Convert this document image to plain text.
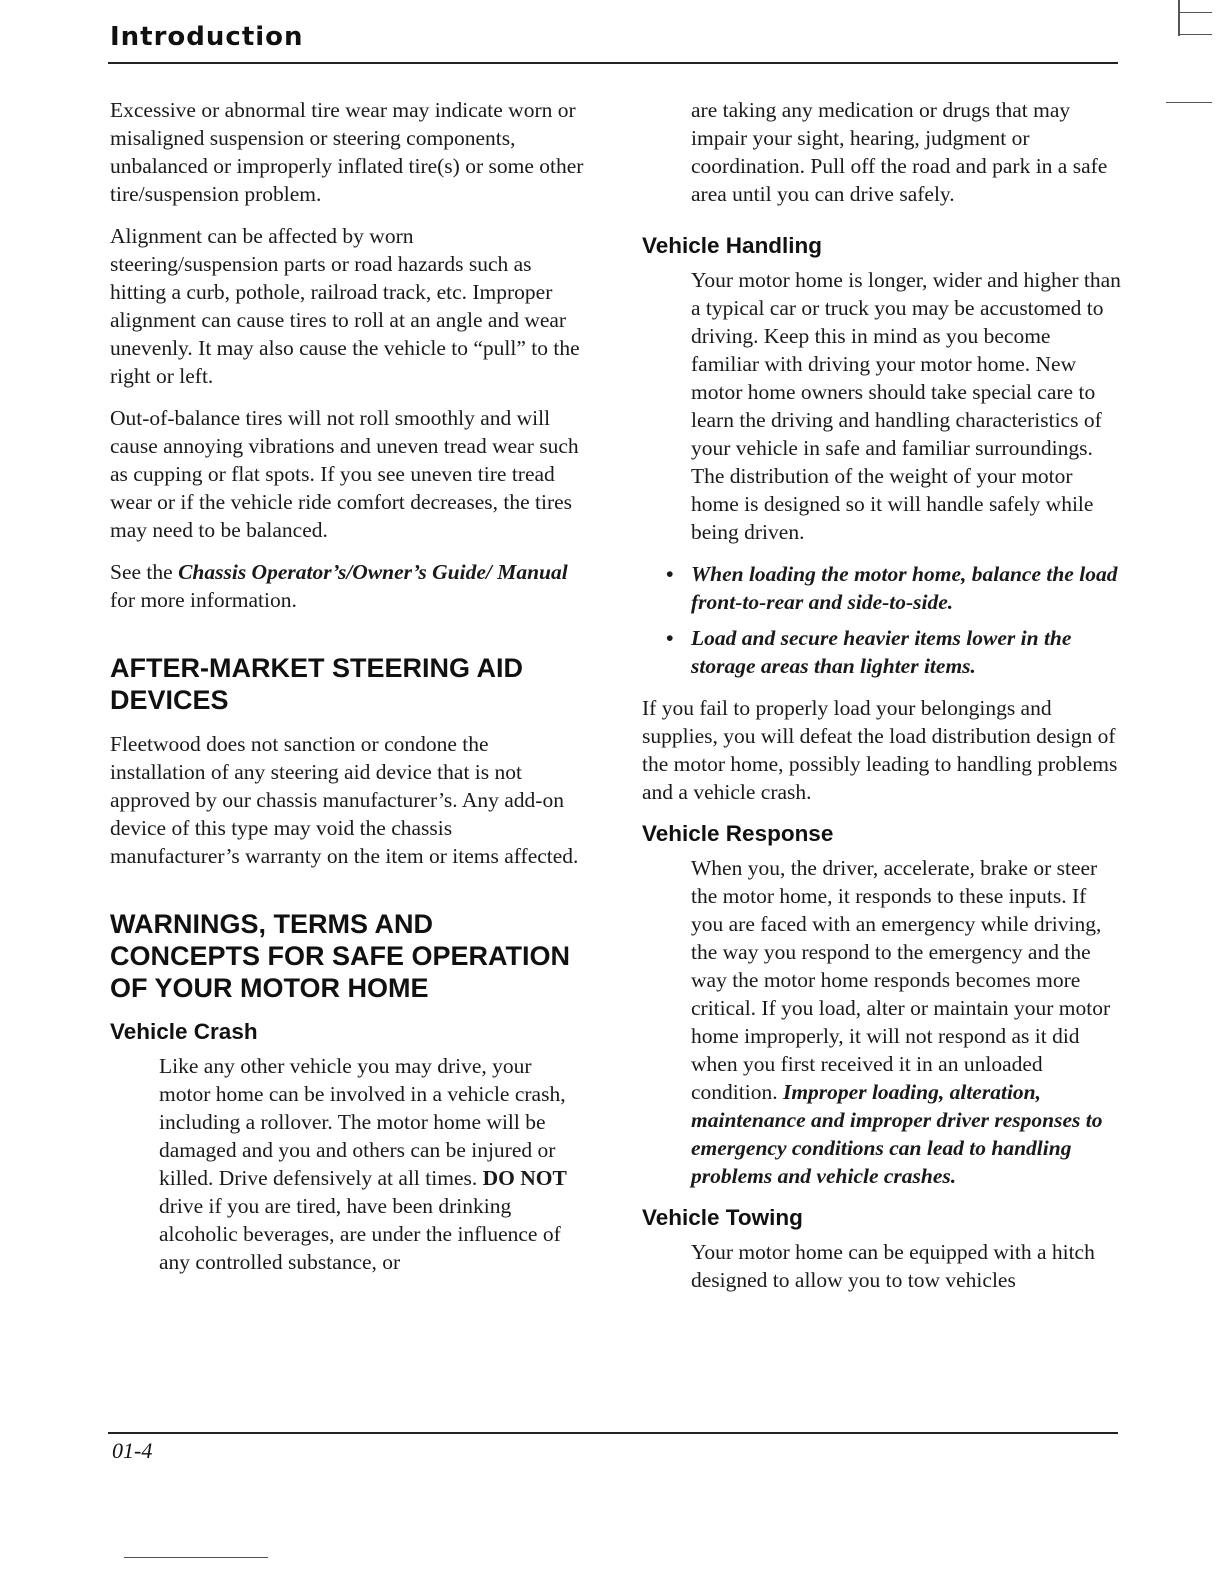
Introduction

Excessive or abnormal tire wear may indicate worn or misaligned suspension or steering components, unbalanced or improperly inflated tire(s) or some other tire/suspension problem.

Alignment can be affected by worn steering/suspension parts or road hazards such as hitting a curb, pothole, railroad track, etc. Improper alignment can cause tires to roll at an angle and wear unevenly. It may also cause the vehicle to “pull” to the right or left.

Out-of-balance tires will not roll smoothly and will cause annoying vibrations and uneven tread wear such as cupping or flat spots. If you see uneven tire tread wear or if the vehicle ride comfort decreases, the tires may need to be balanced.

See the Chassis Operator’s/Owner’s Guide/ Manual for more information.

AFTER-MARKET STEERING AID DEVICES

Fleetwood does not sanction or condone the installation of any steering aid device that is not approved by our chassis manufacturer’s. Any add-on device of this type may void the chassis manufacturer’s warranty on the item or items affected.

WARNINGS, TERMS AND CONCEPTS FOR SAFE OPERATION OF YOUR MOTOR HOME
Vehicle Crash

Like any other vehicle you may drive, your motor home can be involved in a vehicle crash, including a rollover. The motor home will be damaged and you and others can be injured or killed. Drive defensively at all times. DO NOT drive if you are tired, have been drinking alcoholic beverages, are under the influence of any controlled substance, or

are taking any medication or drugs that may impair your sight, hearing, judgment or coordination. Pull off the road and park in a safe area until you can drive safely.

Vehicle Handling

Your motor home is longer, wider and higher than a typical car or truck you may be accustomed to driving. Keep this in mind as you become familiar with driving your motor home. New motor home owners should take special care to learn the driving and handling characteristics of your vehicle in safe and familiar surroundings. The distribution of the weight of your motor home is designed so it will handle safely while being driven.

• When loading the motor home, balance the load front-to-rear and side-to-side.
• Load and secure heavier items lower in the storage areas than lighter items.

If you fail to properly load your belongings and supplies, you will defeat the load distribution design of the motor home, possibly leading to handling problems and a vehicle crash.

Vehicle Response

When you, the driver, accelerate, brake or steer the motor home, it responds to these inputs. If you are faced with an emergency while driving, the way you respond to the emergency and the way the motor home responds becomes more critical. If you load, alter or maintain your motor home improperly, it will not respond as it did when you first received it in an unloaded condition. Improper loading, alteration, maintenance and improper driver responses to emergency conditions can lead to handling problems and vehicle crashes.

Vehicle Towing

Your motor home can be equipped with a hitch designed to allow you to tow vehicles

01-4
